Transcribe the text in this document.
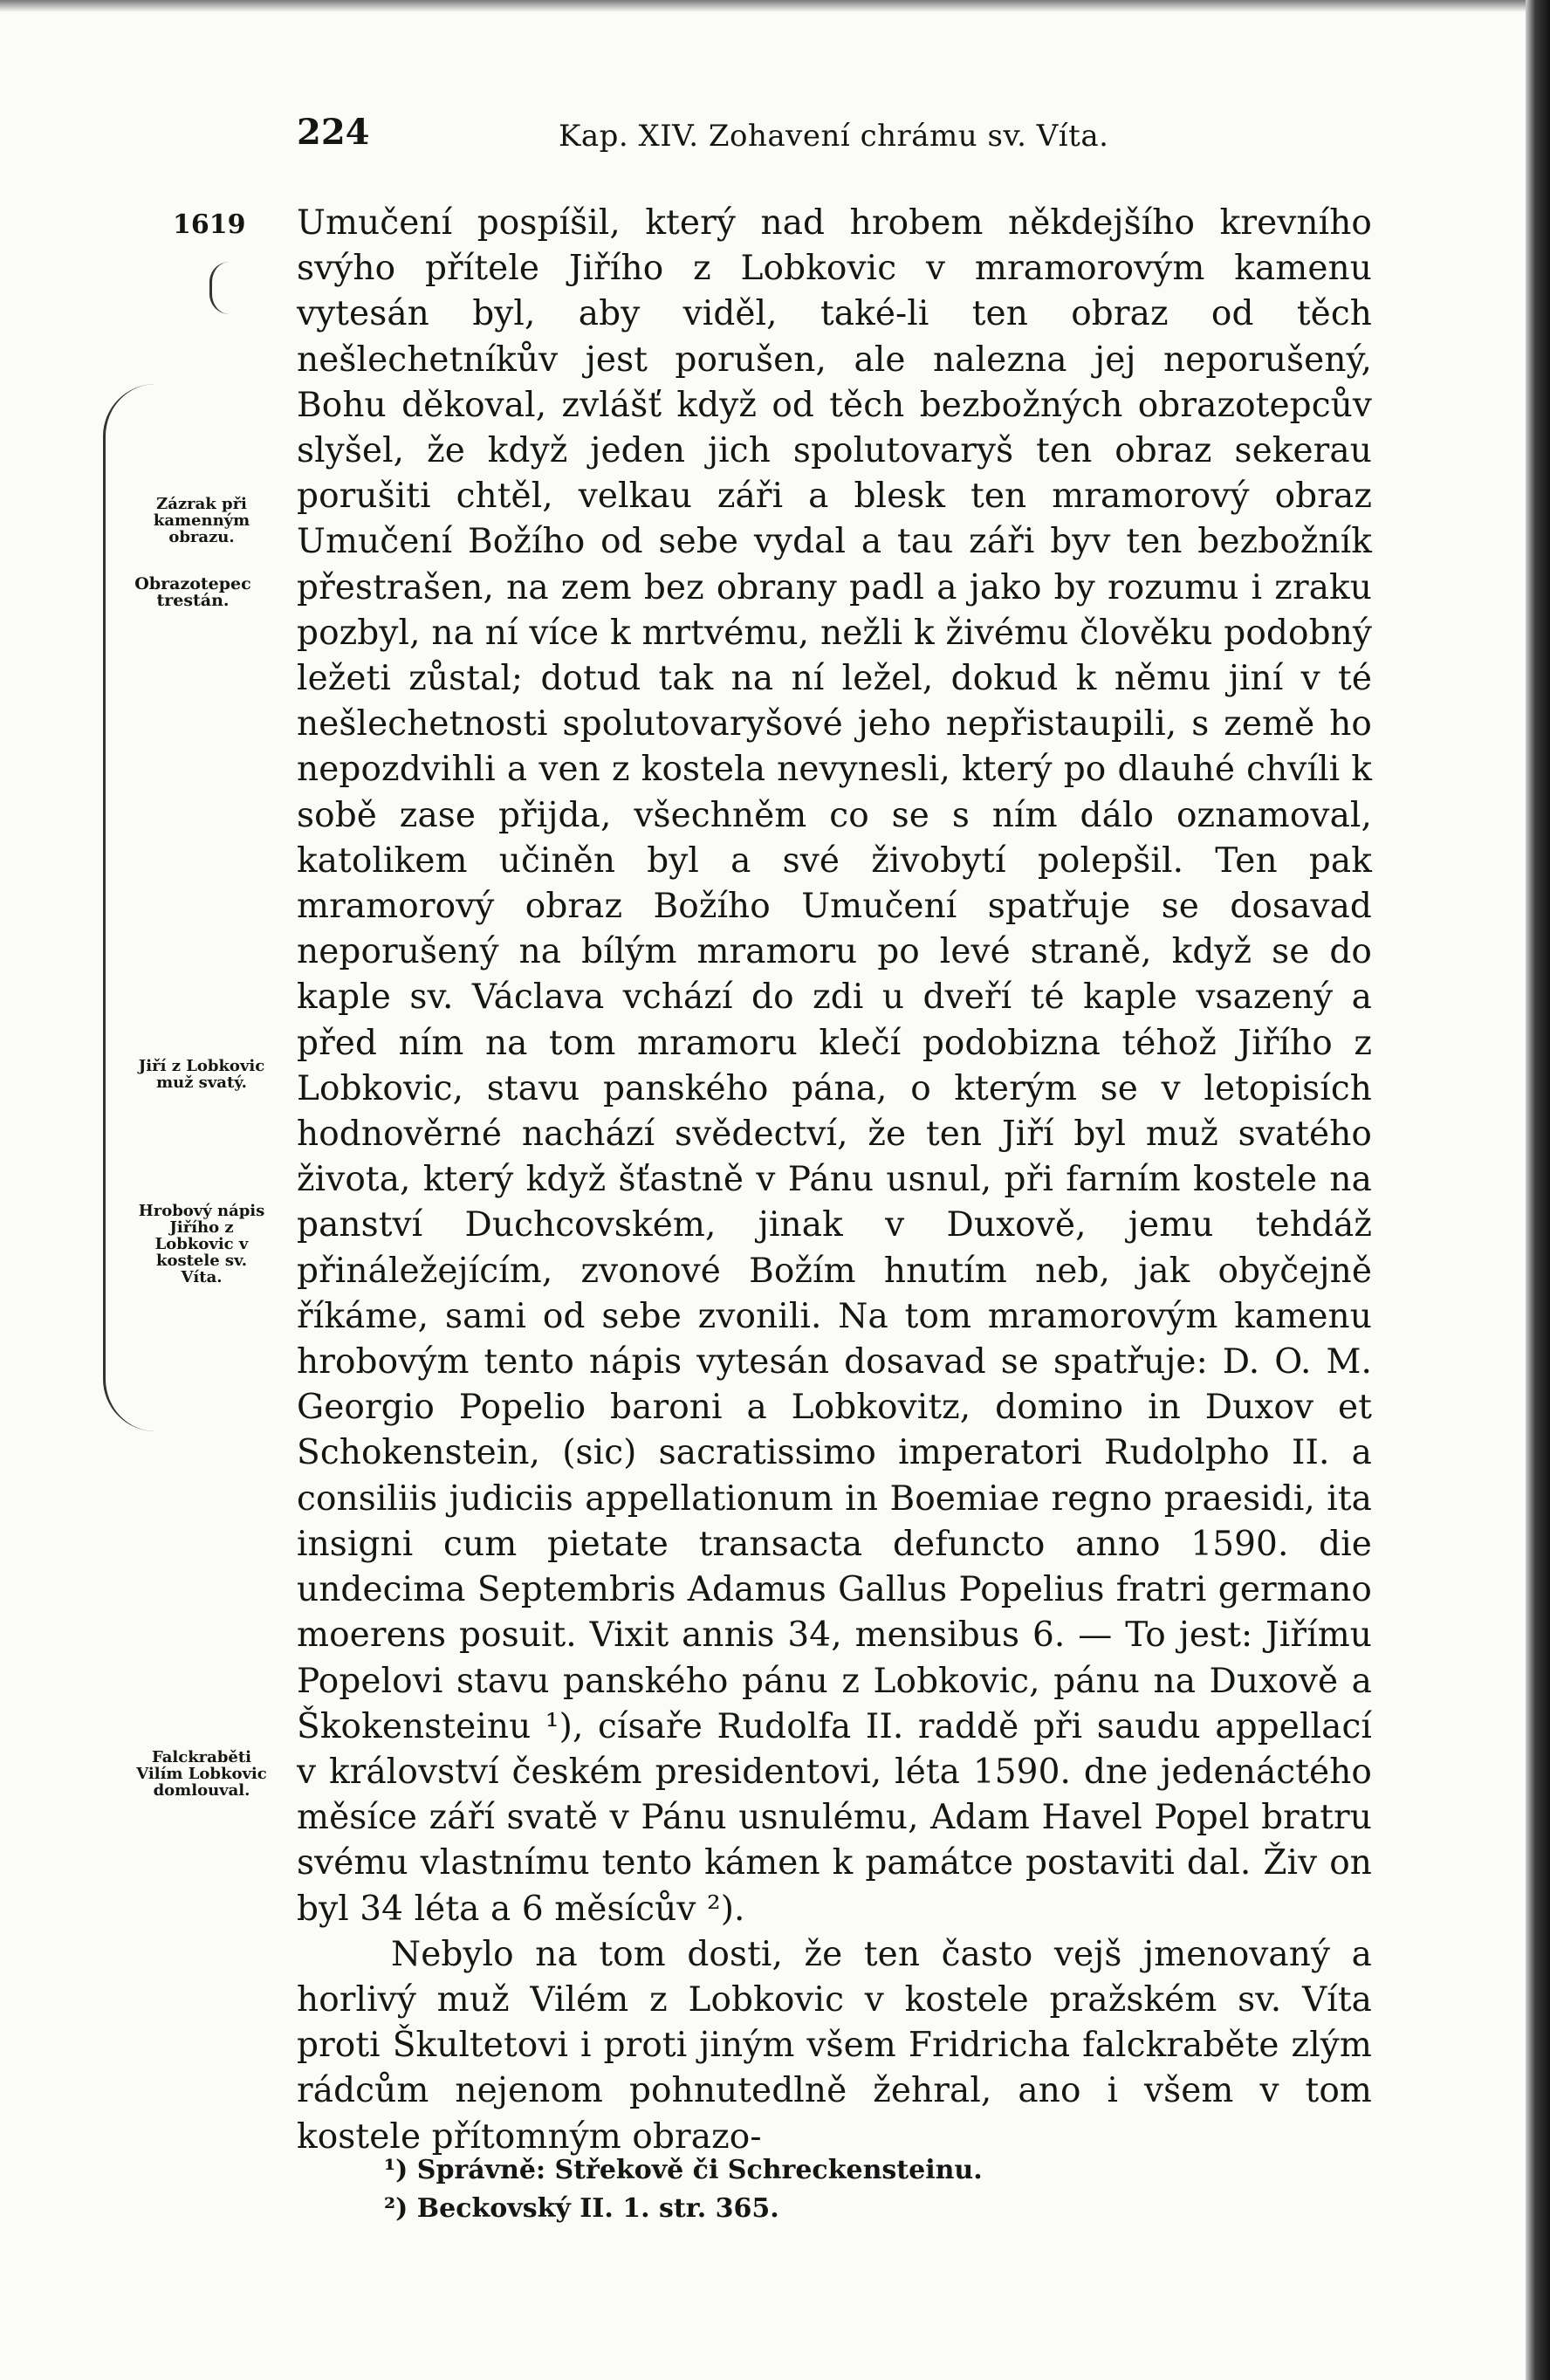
224	Kap. XIV. Zohavení chrámu sv. Víta.
1619
Zázrak při kamenným obrazu.
Obrazotepec trestán.
Jiří z Lobkovic muž svatý.
Hrobový nápis Jiřího z Lobkovic v kostele sv. Víta.
Falckraběti Vilím Lobkovic domlouval.

Umučení pospíšil, který nad hrobem někdejšího krevního svýho přítele Jiřího z Lobkovic v mramorovým kamenu vytesán byl, aby viděl, také-li ten obraz od těch nešlechetníkův jest porušen, ale nalezna jej neporušený, Bohu děkoval, zvlášť když od těch bezbožných obrazotepcův slyšel, že když jeden jich spolutovaryš ten obraz sekerau porušiti chtěl, velkau záři a blesk ten mramorový obraz Umučení Božího od sebe vydal a tau záři byv ten bezbožník přestrašen, na zem bez obrany padl a jako by rozumu i zraku pozbyl, na ní více k mrtvému, nežli k živému člověku podobný ležeti zůstal; dotud tak na ní ležel, dokud k němu jiní v té nešlechetnosti spolutovaryšové jeho nepřistaupili, s země ho nepozdvihli a ven z kostela nevynesli, který po dlauhé chvíli k sobě zase přijda, všechněm co se s ním dálo oznamoval, katolikem učiněn byl a své živobytí polepšil. Ten pak mramorový obraz Božího Umučení spatřuje se dosavad neporušený na bílým mramoru po levé straně, když se do kaple sv. Václava vchází do zdi u dveří té kaple vsazený a před ním na tom mramoru klečí podobizna téhož Jiřího z Lobkovic, stavu panského pána, o kterým se v letopisích hodnověrné nachází svědectví, že ten Jiří byl muž svatého života, který když šťastně v Pánu usnul, při farním kostele na panství Duchcovském, jinak v Duxově, jemu tehdáž přináležejícím, zvonové Božím hnutím neb, jak obyčejně říkáme, sami od sebe zvonili. Na tom mramorovým kamenu hrobovým tento nápis vytesán dosavad se spatřuje: D. O. M. Georgio Popelio baroni a Lobkovitz, domino in Duxov et Schokenstein, (sic) sacratissimo imperatori Rudolpho II. a consiliis judiciis appellationum in Boemiae regno praesidi, ita insigni cum pietate transacta defuncto anno 1590. die undecima Septembris Adamus Gallus Popelius fratri germano moerens posuit. Vixit annis 34, mensibus 6. — To jest: Jiřímu Popelovi stavu panského pánu z Lobkovic, pánu na Duxově a Škokensteinu ¹), císaře Rudolfa II. raddě při saudu appellací v království českém presidentovi, léta 1590. dne jedenáctého měsíce září svatě v Pánu usnulému, Adam Havel Popel bratru svému vlastnímu tento kámen k památce postaviti dal. Živ on byl 34 léta a 6 měsícův ²).

Nebylo na tom dosti, že ten často vejš jmenovaný a horlivý muž Vilém z Lobkovic v kostele pražském sv. Víta proti Škultetovi i proti jiným všem Fridricha falckraběte zlým rádcům nejenom pohnutedlně žehral, ano i všem v tom kostele přítomným obrazo-

¹) Správně: Střekově či Schreckensteinu.

²) Beckovský II. 1. str. 365.
